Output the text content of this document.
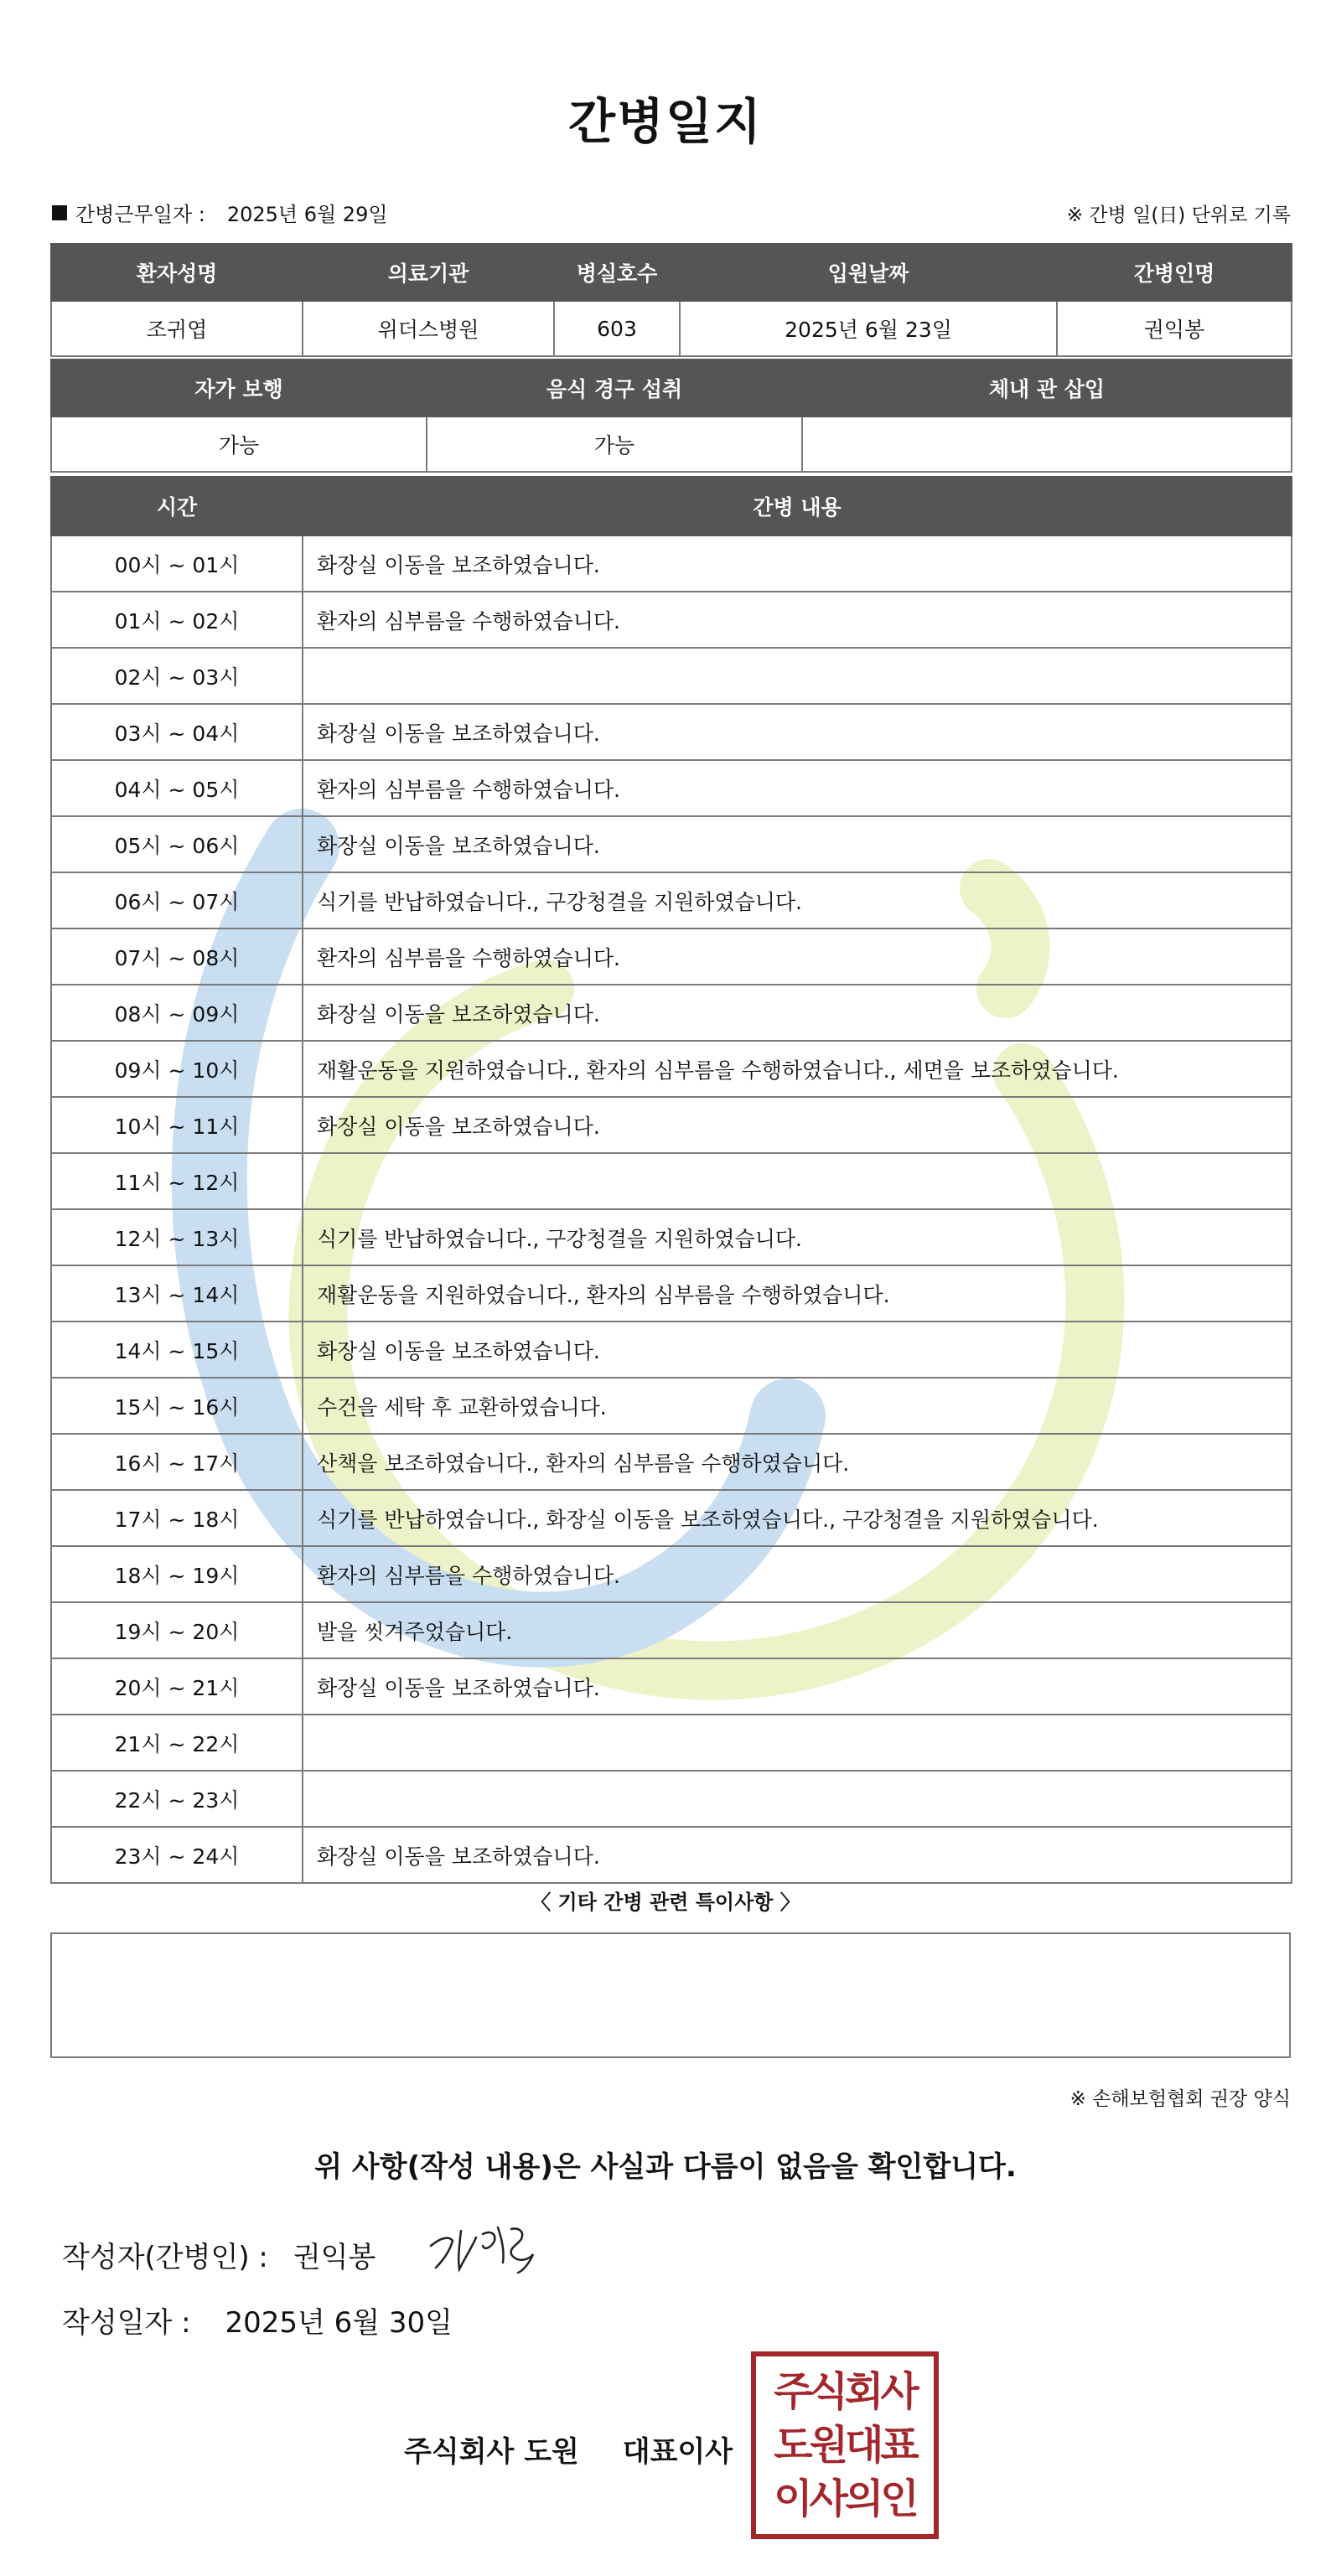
간병일지
간병근무일자 : 2025년 6월 29일	※ 간병 일(日) 단위로 기록
환자성명	의료기관	병실호수	입원날짜	간병인명
조귀엽	위더스병원	603	2025년 6월 23일	권익봉
자가 보행	음식 경구 섭취	체내 관 삽입
가능	가능	
시간	간병 내용
00시 ~ 01시	화장실 이동을 보조하였습니다.
01시 ~ 02시	환자의 심부름을 수행하였습니다.
02시 ~ 03시	
03시 ~ 04시	화장실 이동을 보조하였습니다.
04시 ~ 05시	환자의 심부름을 수행하였습니다.
05시 ~ 06시	화장실 이동을 보조하였습니다.
06시 ~ 07시	식기를 반납하였습니다., 구강청결을 지원하였습니다.
07시 ~ 08시	환자의 심부름을 수행하였습니다.
08시 ~ 09시	화장실 이동을 보조하였습니다.
09시 ~ 10시	재활운동을 지원하였습니다., 환자의 심부름을 수행하였습니다., 세면을 보조하였습니다.
10시 ~ 11시	화장실 이동을 보조하였습니다.
11시 ~ 12시	
12시 ~ 13시	식기를 반납하였습니다., 구강청결을 지원하였습니다.
13시 ~ 14시	재활운동을 지원하였습니다., 환자의 심부름을 수행하였습니다.
14시 ~ 15시	화장실 이동을 보조하였습니다.
15시 ~ 16시	수건을 세탁 후 교환하였습니다.
16시 ~ 17시	산책을 보조하였습니다., 환자의 심부름을 수행하였습니다.
17시 ~ 18시	식기를 반납하였습니다., 화장실 이동을 보조하였습니다., 구강청결을 지원하였습니다.
18시 ~ 19시	환자의 심부름을 수행하였습니다.
19시 ~ 20시	발을 씻겨주었습니다.
20시 ~ 21시	화장실 이동을 보조하였습니다.
21시 ~ 22시	
22시 ~ 23시	
23시 ~ 24시	화장실 이동을 보조하였습니다.
〈 기타 간병 관련 특이사항 〉
※ 손해보험협회 권장 양식
위 사항(작성 내용)은 사실과 다름이 없음을 확인합니다.
작성자(간병인) : 권익봉
작성일자 : 2025년 6월 30일
주식회사 도원 대표이사
주식회사
도원대표
이사의인
